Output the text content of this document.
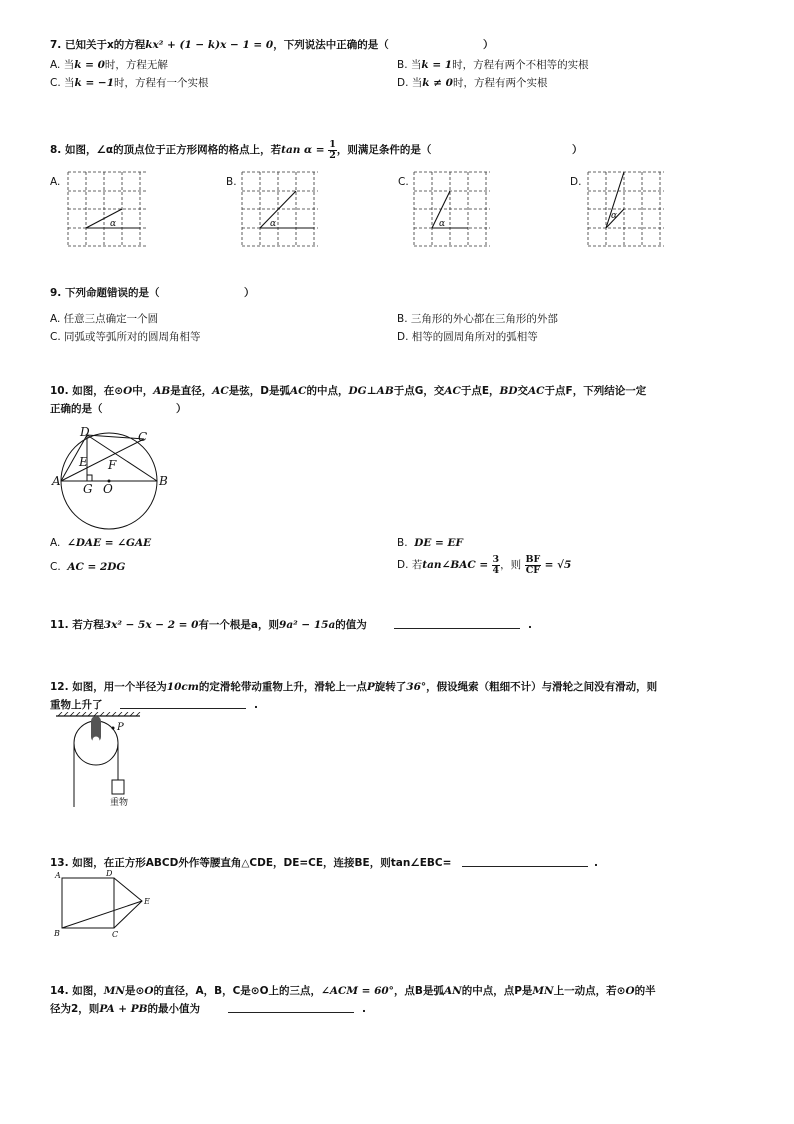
7. 已知关于x的方程kx² + (1 − k)x − 1 = 0，下列说法中正确的是（	）
A. 当k = 0时，方程无解	B. 当k = 1时，方程有两个不相等的实根
C. 当k = −1时，方程有一个实根	D. 当k ≠ 0时，方程有两个实根
8. 如图，∠α的顶点位于正方形网格的格点上，若$\tan \alpha = \frac{1}{2}$ ，则满足条件的是（	）
A.	B.	C.	D.
α	α	α
α
9. 下列命题错误的是（	）
A. 任意三点确定一个圆	B. 三角形的外心都在三角形的外部
C. 同弧或等弧所对的圆周角相等	D. 相等的圆周角所对的弧相等
10. 如图，在⊙O中，AB是直径，AC是弦，D是弧AC的中点，DG⊥AB于点G，交AC于点E，BD交AC于点F，下列结论一定
正确的是（	）
D	C
E F
A
G O
B
A. ∠DAE = ∠GAE	B. DE = EF
C. AC = 2DG	D. 若tan∠BAC = $\frac{3}{4}$ ，则 $\frac{BF}{CF} = √5$
11. 若方程3x² − 5x − 2 = 0有一个根是a，则9a² − 15a的值为	.
12. 如图，用一个半径为10cm的定滑轮带动重物上升，滑轮上一点P旋转了36°，假设绳索（粗细不计）与滑轮之间没有滑动，则
重物上升了	.
P
重物
13. 如图，在正方形ABCD外作等腰直角△CDE，DE=CE，连接BE，则tan∠EBC=	.
A	D
E
B	C
14. 如图，MN是⊙O的直径，A，B，C是⊙O上的三点，∠ACM = 60°，点B是弧AN的中点，点P是MN上一动点，若⊙O的半
径为2，则PA + PB的最小值为	.
